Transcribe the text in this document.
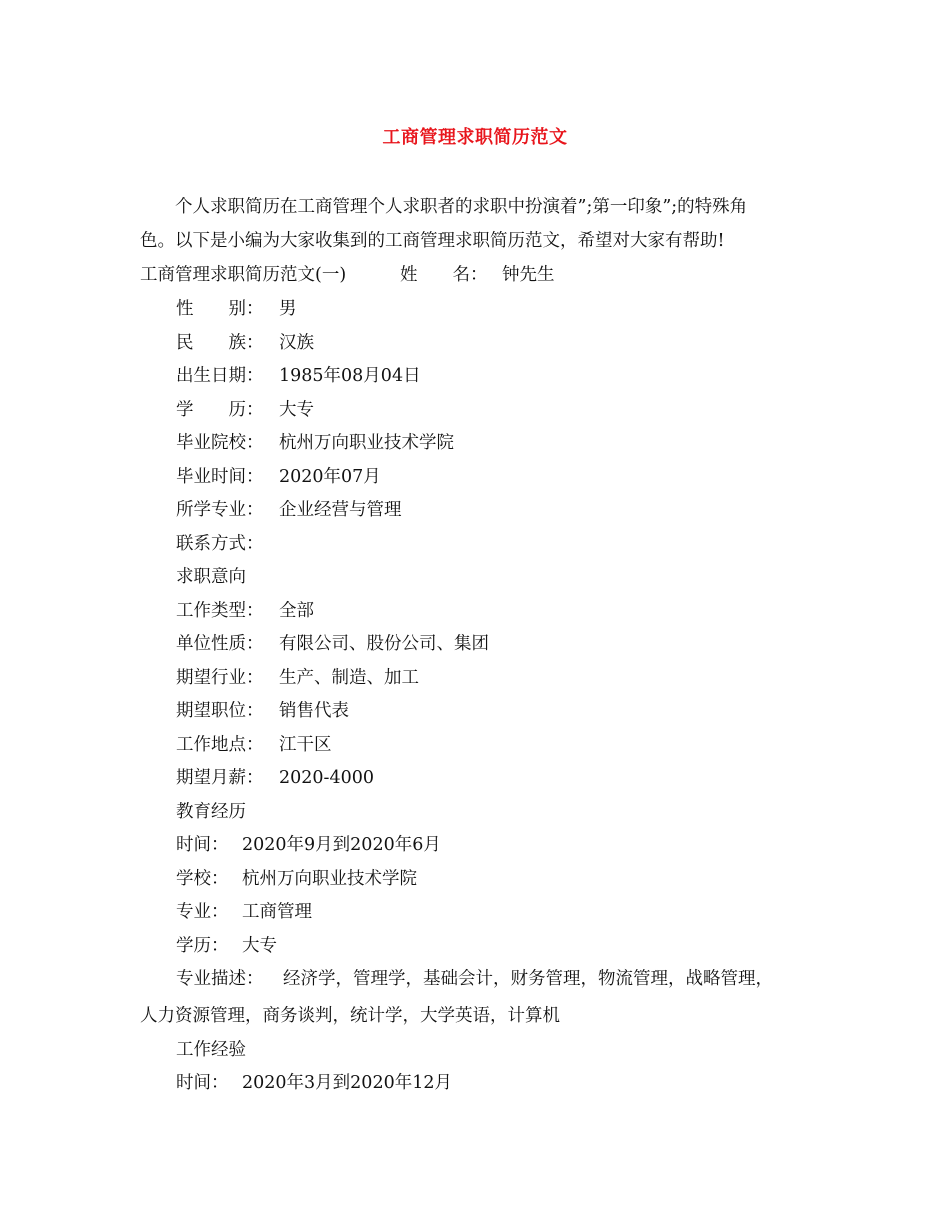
工商管理求职简历范文
个人求职简历在工商管理个人求职者的求职中扮演着”;第一印象”;的特殊角
色。以下是小编为大家收集到的工商管理求职简历范文，希望对大家有帮助!
工商管理求职简历范文(一)	姓　　名： 钟先生
性　　别： 男
民　　族： 汉族
出生日期： 1985年08月04日
学　　历： 大专
毕业院校： 杭州万向职业技术学院
毕业时间： 2020年07月
所学专业： 企业经营与管理
联系方式：
求职意向
工作类型： 全部
单位性质： 有限公司、股份公司、集团
期望行业： 生产、制造、加工
期望职位： 销售代表
工作地点： 江干区
期望月薪： 2020-4000
教育经历
时间： 2020年9月到2020年6月
学校： 杭州万向职业技术学院
专业： 工商管理
学历： 大专
专业描述： 经济学，管理学，基础会计，财务管理，物流管理，战略管理，
人力资源管理，商务谈判，统计学，大学英语，计算机
工作经验
时间： 2020年3月到2020年12月
